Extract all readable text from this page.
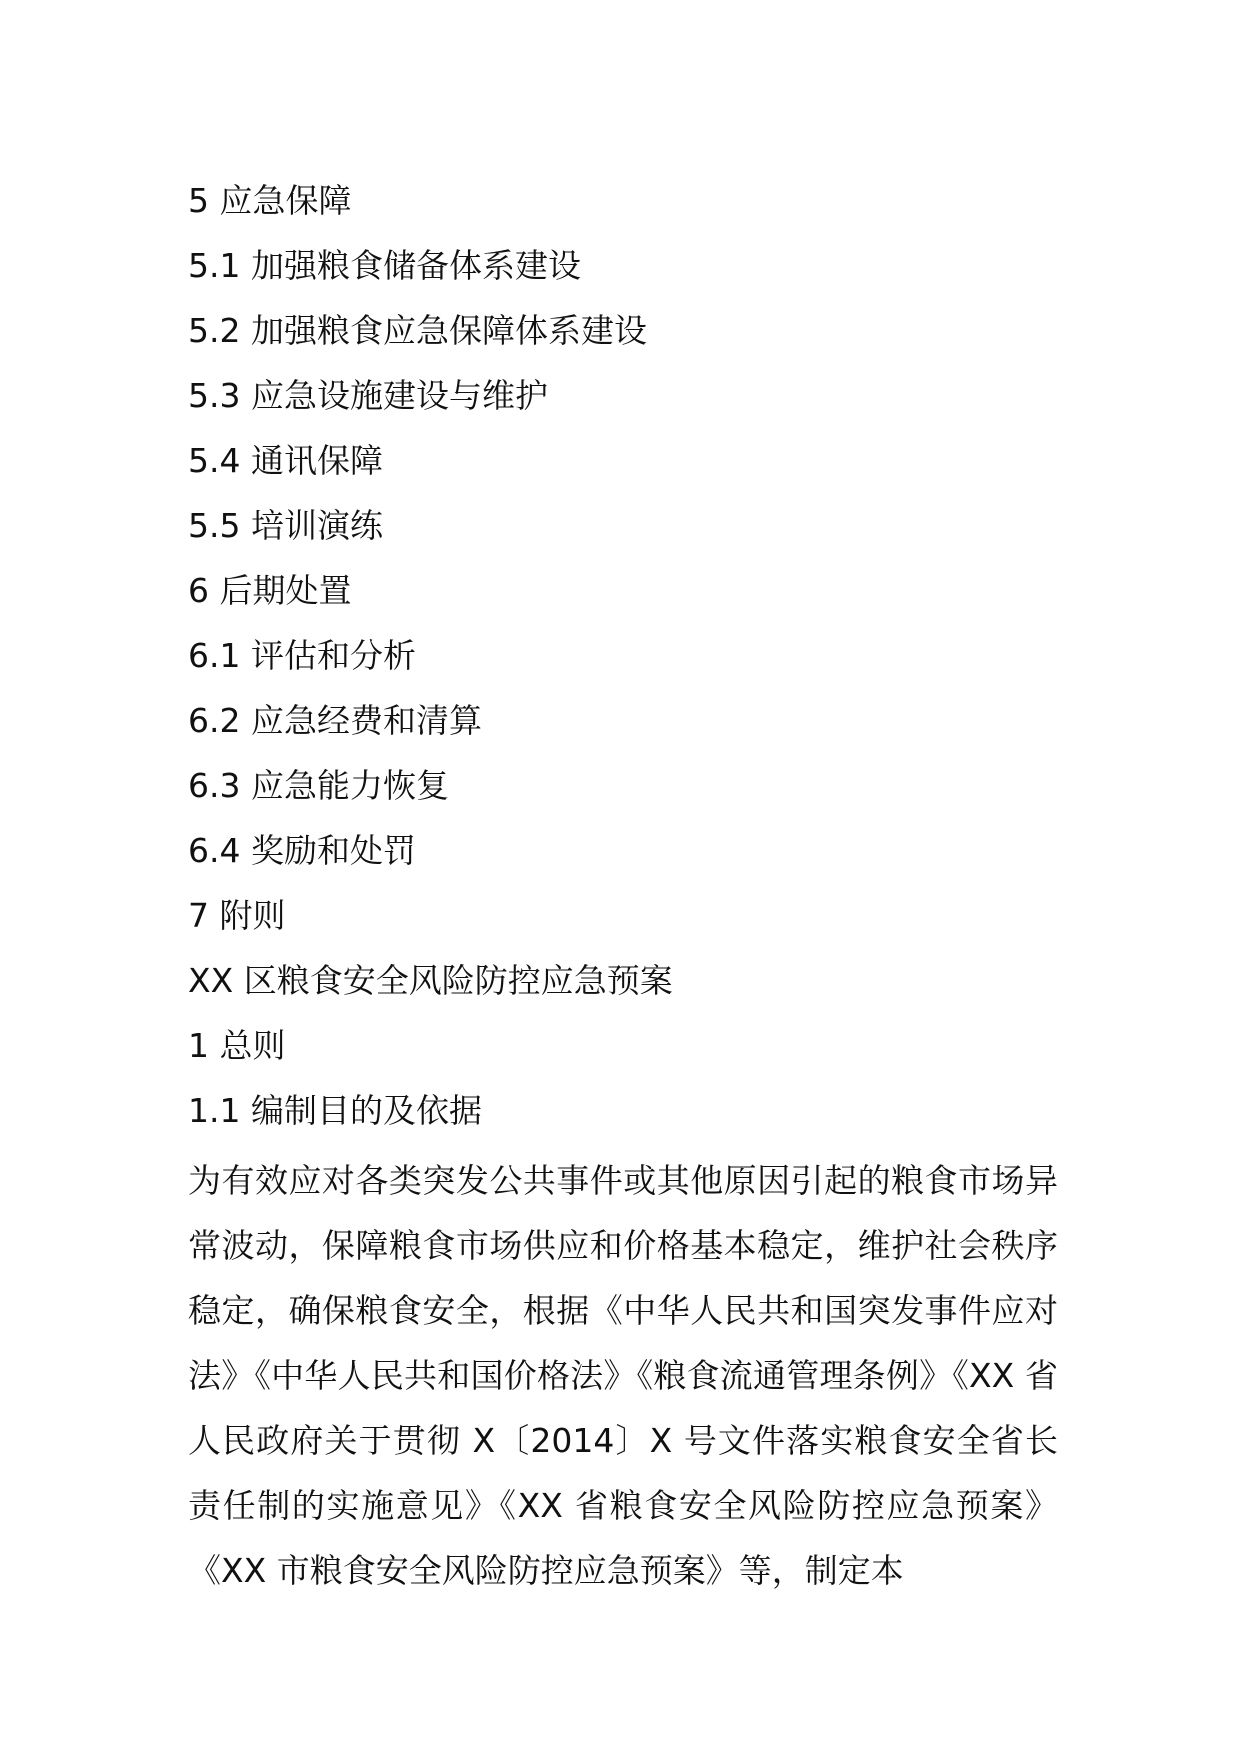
5 应急保障
5.1 加强粮食储备体系建设
5.2 加强粮食应急保障体系建设
5.3 应急设施建设与维护
5.4 通讯保障
5.5 培训演练
6 后期处置
6.1 评估和分析
6.2 应急经费和清算
6.3 应急能力恢复
6.4 奖励和处罚
7 附则
XX 区粮食安全风险防控应急预案
1 总则
1.1 编制目的及依据

为有效应对各类突发公共事件或其他原因引起的粮食市场异常波动，保障粮食市场供应和价格基本稳定，维护社会秩序稳定，确保粮食安全，根据《中华人民共和国突发事件应对法》《中华人民共和国价格法》《粮食流通管理条例》《XX 省人民政府关于贯彻 X〔2014〕X 号文件落实粮食安全省长责任制的实施意见》《XX 省粮食安全风险防控应急预案》《XX 市粮食安全风险防控应急预案》等，制定本
